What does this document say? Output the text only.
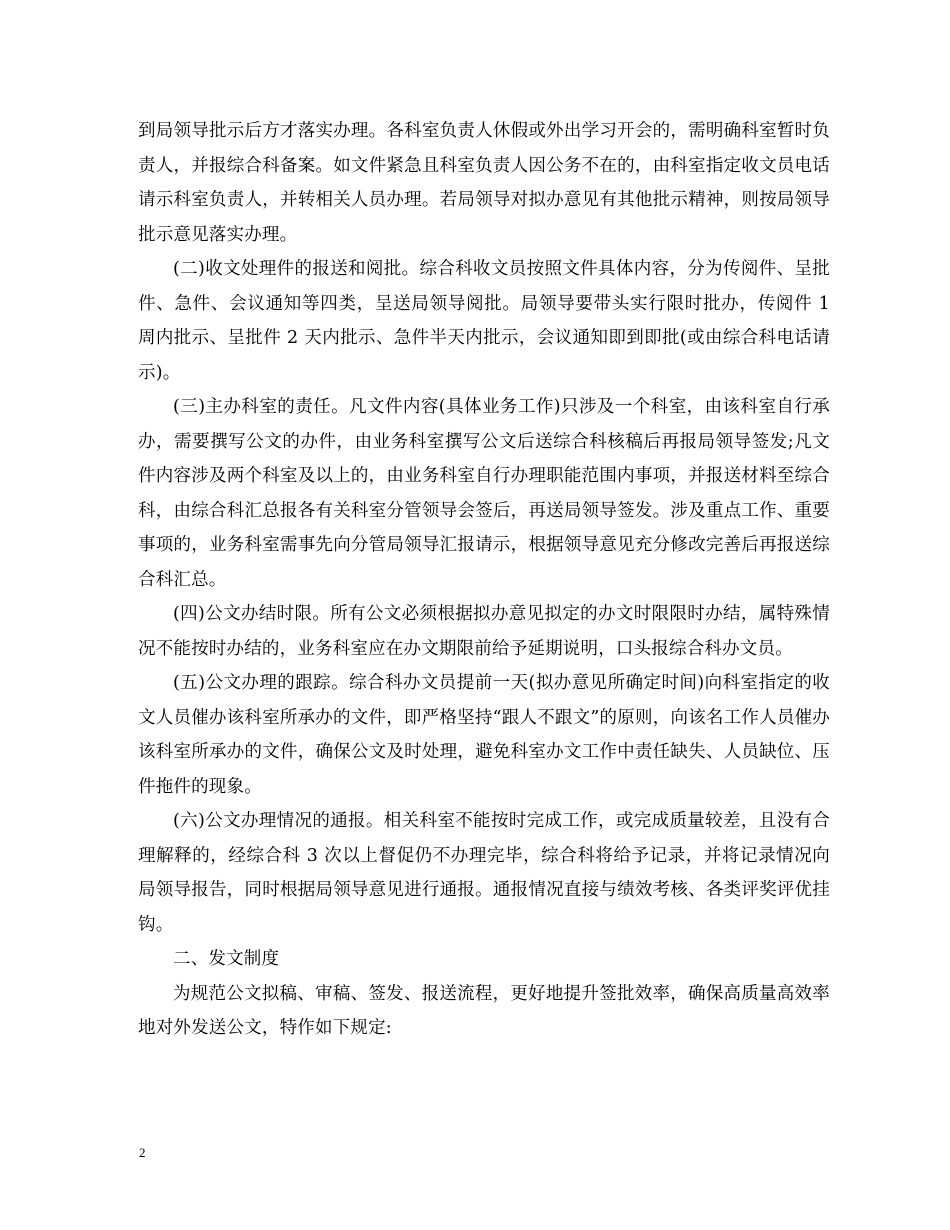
到局领导批示后方才落实办理。各科室负责人休假或外出学习开会的，需明确科室暂时负责人，并报综合科备案。如文件紧急且科室负责人因公务不在的，由科室指定收文员电话请示科室负责人，并转相关人员办理。若局领导对拟办意见有其他批示精神，则按局领导批示意见落实办理。

(二)收文处理件的报送和阅批。综合科收文员按照文件具体内容，分为传阅件、呈批件、急件、会议通知等四类，呈送局领导阅批。局领导要带头实行限时批办，传阅件 1 周内批示、呈批件 2 天内批示、急件半天内批示，会议通知即到即批(或由综合科电话请示)。

(三)主办科室的责任。凡文件内容(具体业务工作)只涉及一个科室，由该科室自行承办，需要撰写公文的办件，由业务科室撰写公文后送综合科核稿后再报局领导签发;凡文件内容涉及两个科室及以上的，由业务科室自行办理职能范围内事项，并报送材料至综合科，由综合科汇总报各有关科室分管领导会签后，再送局领导签发。涉及重点工作、重要事项的，业务科室需事先向分管局领导汇报请示，根据领导意见充分修改完善后再报送综合科汇总。

(四)公文办结时限。所有公文必须根据拟办意见拟定的办文时限限时办结，属特殊情况不能按时办结的，业务科室应在办文期限前给予延期说明，口头报综合科办文员。

(五)公文办理的跟踪。综合科办文员提前一天(拟办意见所确定时间)向科室指定的收文人员催办该科室所承办的文件，即严格坚持“跟人不跟文”的原则，向该名工作人员催办该科室所承办的文件，确保公文及时处理，避免科室办文工作中责任缺失、人员缺位、压件拖件的现象。

(六)公文办理情况的通报。相关科室不能按时完成工作，或完成质量较差，且没有合理解释的，经综合科 3 次以上督促仍不办理完毕，综合科将给予记录，并将记录情况向局领导报告，同时根据局领导意见进行通报。通报情况直接与绩效考核、各类评奖评优挂钩。

二、发文制度

为规范公文拟稿、审稿、签发、报送流程，更好地提升签批效率，确保高质量高效率地对外发送公文，特作如下规定:

2
